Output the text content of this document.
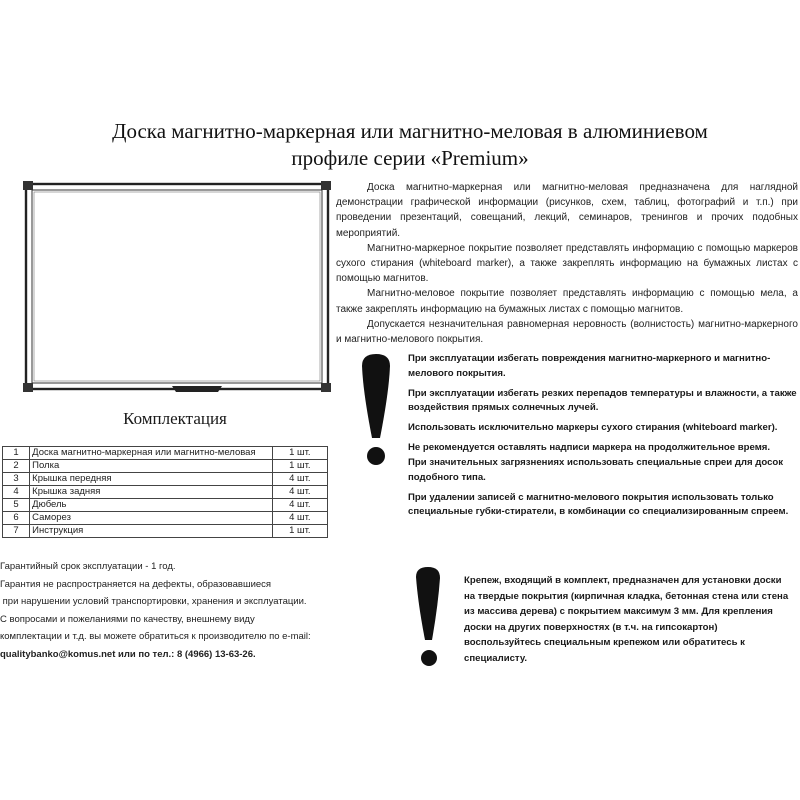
Доска магнитно-маркерная или магнитно-меловая в алюминиевом
профиле серии «Premium»

Доска магнитно-маркерная или магнитно-меловая предназначена для наглядной демонстрации графической информации (рисунков, схем, таблиц, фотографий и т.п.) при проведении презентаций, совещаний, лекций, семинаров, тренингов и прочих подобных мероприятий.

Магнитно-маркерное покрытие позволяет представлять информацию с помощью маркеров сухого стирания (whiteboard marker), а также закреплять информацию на бумажных листах с помощью магнитов.

Магнитно-меловое покрытие позволяет представлять информацию с помощью мела, а также закреплять информацию на бумажных листах с помощью магнитов.

Допускается незначительная равномерная неровность (волнистость) магнитно-маркерного и магнитно-мелового покрытия.

Комплектация
1	Доска магнитно-маркерная или магнитно-меловая	1 шт.
2	Полка	1 шт.
3	Крышка передняя	4 шт.
4	Крышка задняя	4 шт.
5	Дюбель	4 шт.
6	Саморез	4 шт.
7	Инструкция	1 шт.
Гарантийный срок эксплуатации - 1 год.
Гарантия не распространяется на дефекты, образовавшиеся
при нарушении условий транспортировки, хранения и эксплуатации.
С вопросами и пожеланиями по качеству, внешнему виду
комплектации и т.д. вы можете обратиться к производителю по e-mail:
qualitybanko@komus.net или по тел.: 8 (4966) 13-63-26.

При эксплуатации избегать повреждения магнитно-маркерного и магнитно-мелового покрытия.

При эксплуатации избегать резких перепадов температуры и влажности, а также воздействия прямых солнечных лучей.

Использовать исключительно маркеры сухого стирания (whiteboard marker).

Не рекомендуется оставлять надписи маркера на продолжительное время.

При значительных загрязнениях использовать специальные спреи для досок подобного типа.

При удалении записей с магнитно-мелового покрытия использовать только специальные губки-стиратели, в комбинации со специализированным спреем.

Крепеж, входящий в комплект, предназначен для установки доски на твердые покрытия (кирпичная кладка, бетонная стена или стена из массива дерева) с покрытием максимум 3 мм. Для крепления доски на других поверхностях (в т.ч. на гипсокартон) воспользуйтесь специальным крепежом или обратитесь к специалисту.
